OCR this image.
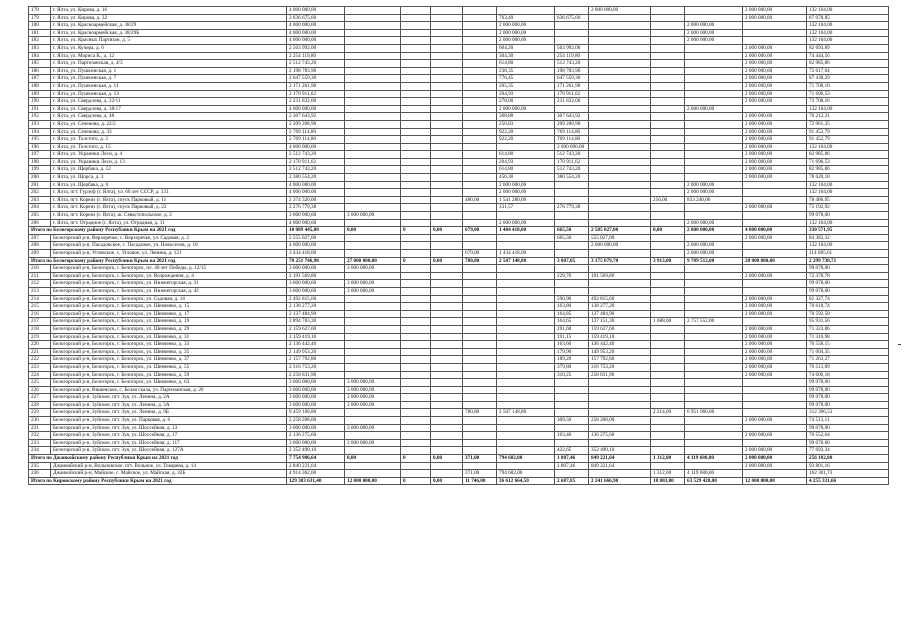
178	г. Ялта, ул. Кирова, д. 16	4 000 000,00							2 000 000,00			2 000 000,00	132 104,00
179	г. Ялта, ул. Кирова, д. 32	2 636 675,60					763,49	636 675,60				2 000 000,00	87 078,85
180	г. Ялта, ул. Красноармейская, д. 38/29	4 000 000,00					2 000 000,00				2 000 000,00		132 104,00
181	г. Ялта, ул. Красноармейская, д. 38/29Б	4 000 000,00					2 000 000,00				2 000 000,00		132 104,00
182	г. Ялта, ул. Красных Партизан, д. 5	4 000 000,00					2 000 000,00				2 000 000,00		132 104,00
183	г. Ялта, ул. Кучера, д. 6	2 503 992,00					604,20	503 992,00				2 000 000,00	82 693,89
184	г. Ялта, ул. Мориса К., д. 12	2 254 119,80					304,30	254 119,80				2 000 000,00	74 444,56
185	г. Ялта, ул. Партизанская, д. 4/3	2 512 743,20					614,80	512 743,20				2 000 000,00	82 985,86
186	г. Ялта, ул. Пушкинская, д. 1	2 198 783,90					238,35	198 783,90				2 000 000,00	72 617,04
187	г. Ялта, ул. Пушкинская, д. 7	2 647 559,30					776,45	647 559,30				2 000 000,00	87 438,29
188	г. Ялта, ул. Пушкинская, д. 11	2 171 261,90					205,35	171 261,90				2 000 000,00	71 708,10
189	г. Ялта, ул. Пушкинская, д. 13	2 170 911,62					204,93	170 911,62				2 000 000,00	71 696,53
190	г. Ялта, ул. Свердлова, д. 22/11	2 231 832,00					278,00	231 832,00				2 000 000,00	73 708,16
191	г. Ялта, ул. Свердлова, д. 38/17	4 000 000,00					2 000 000,00				2 000 000,00		132 104,00
192	г. Ялта, ул. Свердлова, д. 48	2 307 643,92					368,88	307 643,92				2 000 000,00	76 212,31
193	г. Ялта, ул. Сеченова, д. 22/2	2 209 208,90					250,83	209 208,90				2 000 000,00	72 961,35
194	г. Ялта, ул. Сеченова, д. 33	2 769 114,80					922,20	769 114,80				2 000 000,00	91 452,79
195	г. Ялта, ул. Толстого, д. 2	2 769 114,80					922,20	769 114,80				2 000 000,00	91 452,79
196	г. Ялта, ул. Толстого, д. 15	4 000 000,00						2 000 000,00				2 000 000,00	132 104,00
197	г. Ялта, ул. Украинки Леси, д. 4	2 512 743,20					614,80	512 743,20				2 000 000,00	82 985,86
198	г. Ялта, ул. Украинки Леси, д. 13	2 170 911,62					204,93	170 911,62				2 000 000,00	71 696,53
199	г. Ялта, ул. Щербака, д. 12	2 512 743,20					614,80	512 743,20				2 000 000,00	82 985,86
200	г. Ялта, ул. Щорса, д. 3	2 380 554,20					456,30	380 554,20				2 000 000,00	78 620,18
201	г. Ялта, ул. Щербака, д. 6	4 000 000,00					2 000 000,00				2 000 000,00		132 104,00
202	г. Ялта, пгт. Гурзуф (г. Ялта), ул. 60 лет СССР, д. 133	4 000 000,00					2 000 000,00				2 000 000,00		132 104,00
203	г. Ялта, пгт. Кореиз (г. Ялта), спуск Парковый, д. 11	2 374 320,00				480,00	1 541 280,00			256,00	833 240,00		78 486,95
204	г. Ялта, пгт. Кореиз (г. Ялта), спуск Парковый, д. 22	2 276 779,38					331,57	276 779,38				2 000 000,00	75 192,92
205	г. Ялта, пгт. Кореиз (г. Ялта), ш. Севастопольское, д. 2	3 000 000,00	3 000 000,00										99 078,00
206	г. Ялта, пгт. Отрадное (г. Ялта), ул. Отрадная, д. 11	4 000 000,00					2 000 000,00				2 000 000,00		132 104,00
Итого по Белогорскому району Республики Крым на 2021 год		10 089 445,00	0,00	0	0,00	679,00	1 484 418,00	665,50	2 585 027,00	0,00	2 000 000,00	4 000 000,00	330 571,95
207	Белогорский р-н, Верхоречье, с. Верхоречье, ул. Садовая, д. 2	2 555 027,00						665,50	555 027,00			2 000 000,00	84 382,32
208	Белогорский р-н, Пасадовское, с. Пасадовое, ул. Новоселов, д. 10	4 000 000,00							2 000 000,00		2 000 000,00		132 104,00
209	Белогорский р-н, Угловское, с. Угловое, ул. Ленина, д. 121	3 434 418,00				679,00	1 434 418,00				2 000 000,00		114 085,61
Итого по Белогорскому району Республики Крым на 2021 год		70 251 746,90	27 000 000,00	0	0,00	780,80	2 507 148,80	3 807,05	3 175 079,70	3 913,00	9 789 512,00	28 000 000,00	2 299 738,71
210	Белогорский р-н, Белогорск, г. Белогорск, пл. 40 лет Победы, д. 12/15	3 000 000,00	3 000 000,00										99 078,00
211	Белогорский р-н, Белогорск, г. Белогорск, ул. Возрождения, д. 4	2 191 569,80						229,70	191 569,80			2 000 000,00	72 378,78
212	Белогорский р-н, Белогорск, г. Белогорск, ул. Нижнегорская, д. 31	3 000 000,00	3 000 000,00										99 078,00
213	Белогорский р-н, Белогорск, г. Белогорск, ул. Нижнегорская, д. 43	3 000 000,00	3 000 000,00										99 078,00
214	Белогорский р-н, Белогорск, г. Белогорск, ул. Садовая, д. 14	2 492 815,60						590,90	492 815,60			2 000 000,00	82 327,74
215	Белогорский р-н, Белогорск, г. Белогорск, ул. Шевченко, д. 15	2 138 277,20						163,80	138 277,20			2 000 000,00	70 618,74
216	Белогорский р-н, Белогорск, г. Белогорск, ул. Шевченко, д. 17	2 137 484,90						164,85	137 484,90			2 000 000,00	70 592,58
217	Белогорский р-н, Белогорск, г. Белогорск, ул. Шевченко, д. 19	2 894 783,30						164,65	137 151,30	1 688,00	2 757 552,00		95 931,56
218	Белогорский р-н, Белогорск, г. Белогорск, ул. Шевченко, д. 29	2 159 627,60						191,60	159 627,60			2 000 000,00	71 323,86
219	Белогорский р-н, Белогорск, г. Белогорск, ул. Шевченко, д. 31	2 159 419,10						191,15	159 419,10			2 000 000,00	71 316,98
220	Белогорский р-н, Белогорск, г. Белогорск, ул. Шевченко, д. 33	2 136 442,40						163,60	136 442,40			2 000 000,00	70 558,15
221	Белогорский р-н, Белогорск, г. Белогорск, ул. Шевченко, д. 35	2 149 953,20						179,90	149 953,20			2 000 000,00	71 004,35
222	Белогорский р-н, Белогорск, г. Белогорск, ул. Шевченко, д. 37	2 157 792,80						189,20	157 792,80			2 000 000,00	71 263,27
223	Белогорский р-н, Белогорск, г. Белогорск, ул. Шевченко, д. 55	2 316 753,20						379,80	316 753,20			2 000 000,00	76 513,09
224	Белогорский р-н, Белогорск, г. Белогорск, ул. Шевченко, д. 59	2 258 831,90						310,25	258 831,90			2 000 000,00	74 600,18
225	Белогорский р-н, Белогорск, г. Белогорск, ул. Шевченко, д. 63	3 000 000,00	3 000 000,00										99 078,00
226	Белогорский р-н, Вишенское, с. Белая скала, ул. Партизанская, д. 20	3 000 000,00	3 000 000,00										99 078,00
227	Белогорский р-н, Зуйское, пгт. Зуя, ул. Ленина, д. 2А	3 000 000,00	3 000 000,00										99 078,00
228	Белогорский р-н, Зуйское, пгт. Зуя, ул. Ленина, д. 3А	3 000 000,00	3 000 000,00										99 078,00
229	Белогорский р-н, Зуйское, пгт. Зуя, ул. Ленина, д. 9Б	9 459 108,80				780,80	2 507 148,80			2 214,00	6 951 960,00		312 396,53
230	Белогорский р-н, Зуйское, пгт. Зуя, ул. Парковая, д. 6	2 258 208,00						309,50	258 208,00			2 000 000,00	74 513,11
231	Белогорский р-н, Зуйское, пгт. Зуя, ул. Шоссейная, д. 13	3 000 000,00	3 000 000,00										99 078,00
232	Белогорский р-н, Зуйское, пгт. Зуя, ул. Шоссейная, д. 17	2 136 275,60						163,40	136 275,60			2 000 000,00	70 552,64
233	Белогорский р-н, Зуйское, пгт. Зуя, ул. Шоссейная, д. 117	3 000 000,00	3 000 000,00										99 078,00
234	Белогорский р-н, Зуйское, пгт. Зуя, ул. Шоссейная, д. 127А	2 352 490,10						422,65	352 490,10			2 000 000,00	77 693,34
Итого по Джанкойскому району Республики Крым на 2021 год		7 754 986,64	0,00	0	0,00	371,00	794 682,00	1 807,46	849 221,64	1 312,00	4 119 680,00	2 000 000,00	256 102,80
235	Джанкойский р-н, Вольновское, пгт. Вольное, ул. Токарева, д. 14	2 840 221,64						1 807,46	849 221,64			2 000 000,00	93 801,16
236	Джанкойский р-н, Майское, с. Майское, ул. Майская, д. 32Б	4 914 362,00				371,00	794 682,00			1 312,00	4 119 680,00		162 301,73
Итого по Кировскому району Республики Крым на 2021 год		129 383 631,40	12 000 000,00	0	0,00	11 746,00	36 612 664,50	2 687,85	2 241 666,90	18 003,00	63 529 420,00	12 000 000,00	4 255 331,66
